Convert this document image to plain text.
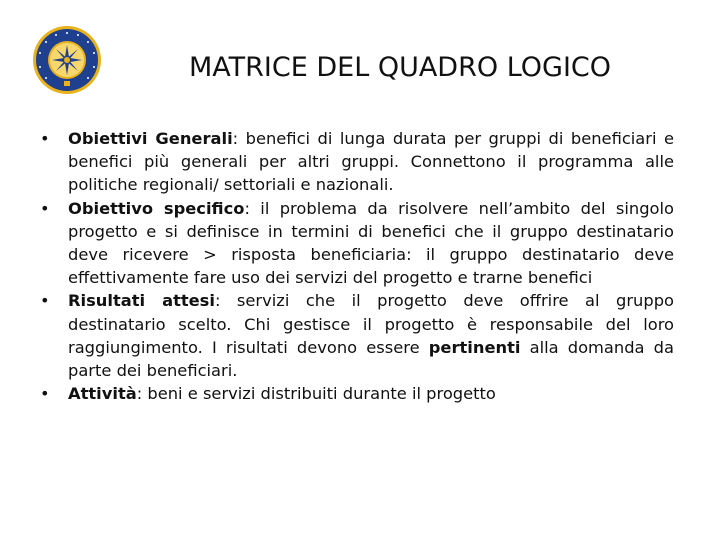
MATRICE DEL QUADRO LOGICO
•	Obiettivi Generali: benefici di lunga durata per gruppi di beneficiari e benefici più generali per altri gruppi. Connettono il programma alle politiche regionali/ settoriali e nazionali.
•	Obiettivo specifico: il problema da risolvere nell’ambito del singolo progetto e si definisce in termini di benefici che il gruppo destinatario deve ricevere > risposta beneficiaria: il gruppo destinatario deve effettivamente fare uso dei servizi del progetto e trarne benefici
•	Risultati attesi: servizi che il progetto deve offrire al gruppo destinatario scelto. Chi gestisce il progetto è responsabile del loro raggiungimento. I risultati devono essere pertinenti alla domanda da parte dei beneficiari.
•	Attività: beni e servizi distribuiti durante il progetto
